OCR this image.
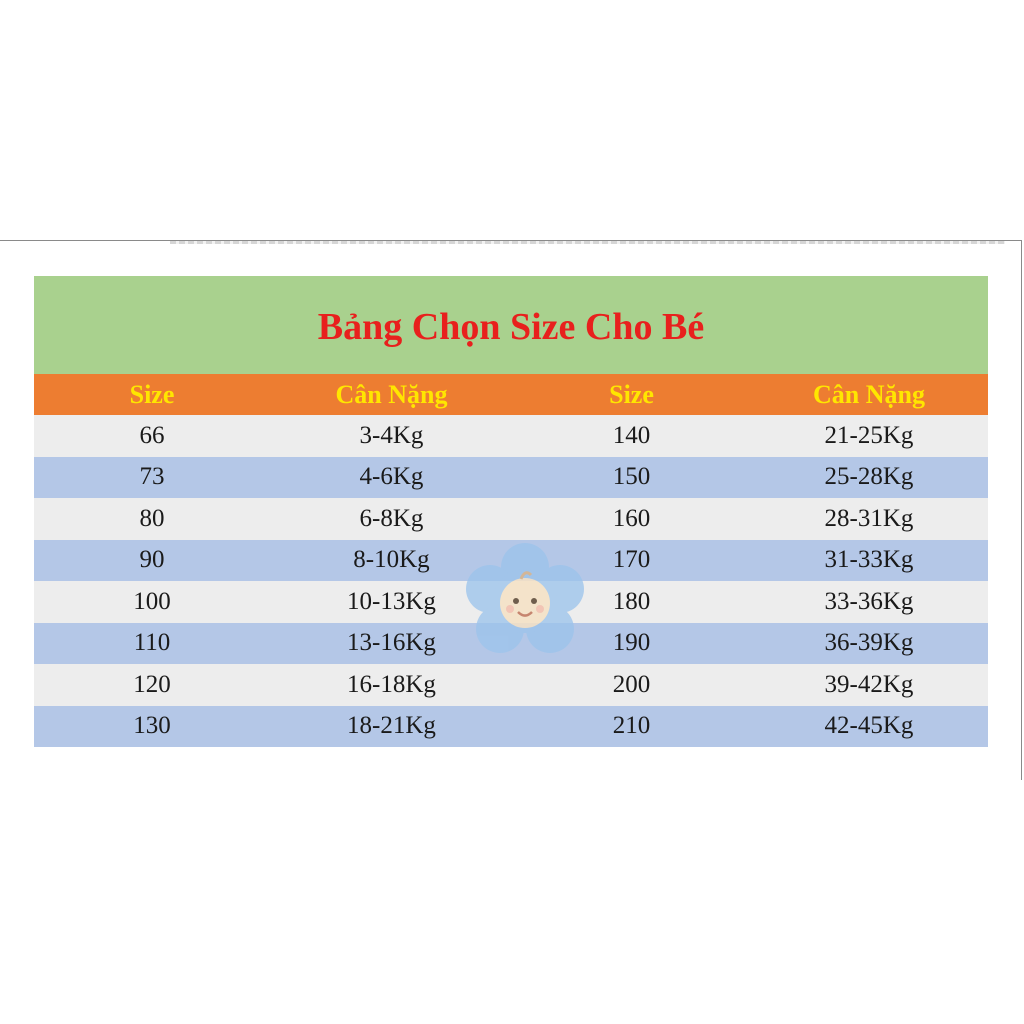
Bảng Chọn Size Cho Bé
Size	Cân Nặng	Size	Cân Nặng
66	3-4Kg	140	21-25Kg
73	4-6Kg	150	25-28Kg
80	6-8Kg	160	28-31Kg
90	8-10Kg	170	31-33Kg
100	10-13Kg	180	33-36Kg
110	13-16Kg	190	36-39Kg
120	16-18Kg	200	39-42Kg
130	18-21Kg	210	42-45Kg
